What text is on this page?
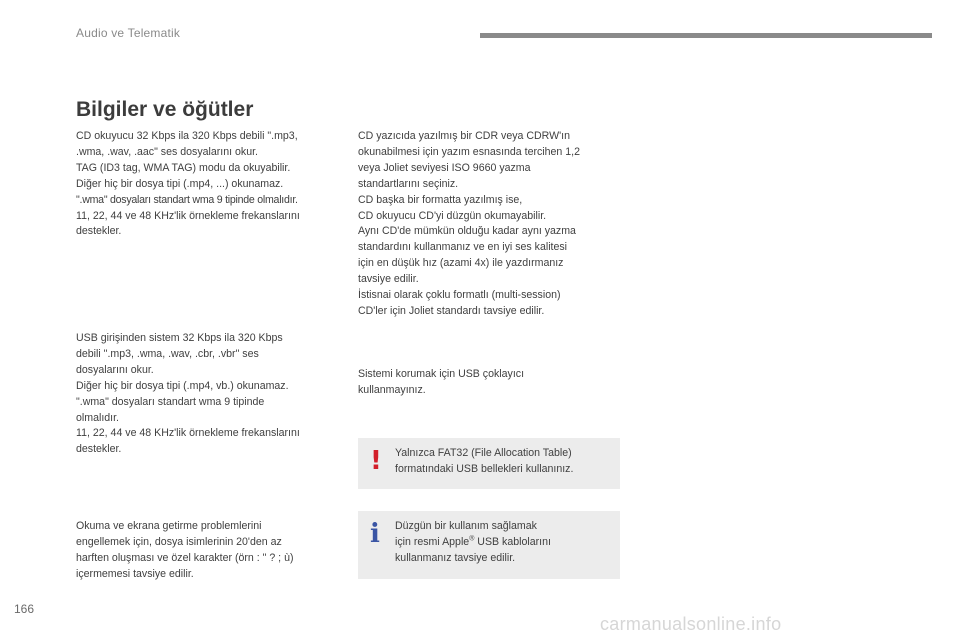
Audio ve Telematik
Bilgiler ve öğütler

CD okuyucu 32 Kbps ila 320 Kbps debili ".mp3,
.wma, .wav, .aac" ses dosyalarını okur.
TAG (ID3 tag, WMA TAG) modu da okuyabilir.
Diğer hiç bir dosya tipi (.mp4, ...) okunamaz.
".wma" dosyaları standart wma 9 tipinde olmalıdır.
11, 22, 44 ve 48 KHz'lik örnekleme frekanslarını
destekler.

USB girişinden sistem 32 Kbps ila 320 Kbps
debili ".mp3, .wma, .wav, .cbr, .vbr" ses
dosyalarını okur.
Diğer hiç bir dosya tipi (.mp4, vb.) okunamaz.
".wma" dosyaları standart wma 9 tipinde
olmalıdır.
11, 22, 44 ve 48 KHz'lik örnekleme frekanslarını
destekler.

Okuma ve ekrana getirme problemlerini
engellemek için, dosya isimlerinin 20'den az
harften oluşması ve özel karakter (örn : " ? ; ù)
içermemesi tavsiye edilir.

CD yazıcıda yazılmış bir CDR veya CDRW'ın
okunabilmesi için yazım esnasında tercihen 1,2
veya Joliet seviyesi ISO 9660 yazma
standartlarını seçiniz.
CD başka bir formatta yazılmış ise,
CD okuyucu CD'yi düzgün okumayabilir.
Aynı CD'de mümkün olduğu kadar aynı yazma
standardını kullanmanız ve en iyi ses kalitesi
için en düşük hız (azami 4x) ile yazdırmanız
tavsiye edilir.
İstisnai olarak çoklu formatlı (multi-session)
CD'ler için Joliet standardı tavsiye edilir.

Sistemi korumak için USB çoklayıcı
kullanmayınız.

! Yalnızca FAT32 (File Allocation Table)
formatındaki USB bellekleri kullanınız.

i Düzgün bir kullanım sağlamak
için resmi Apple® USB kablolarını
kullanmanız tavsiye edilir.

166
carmanualsonline.info
